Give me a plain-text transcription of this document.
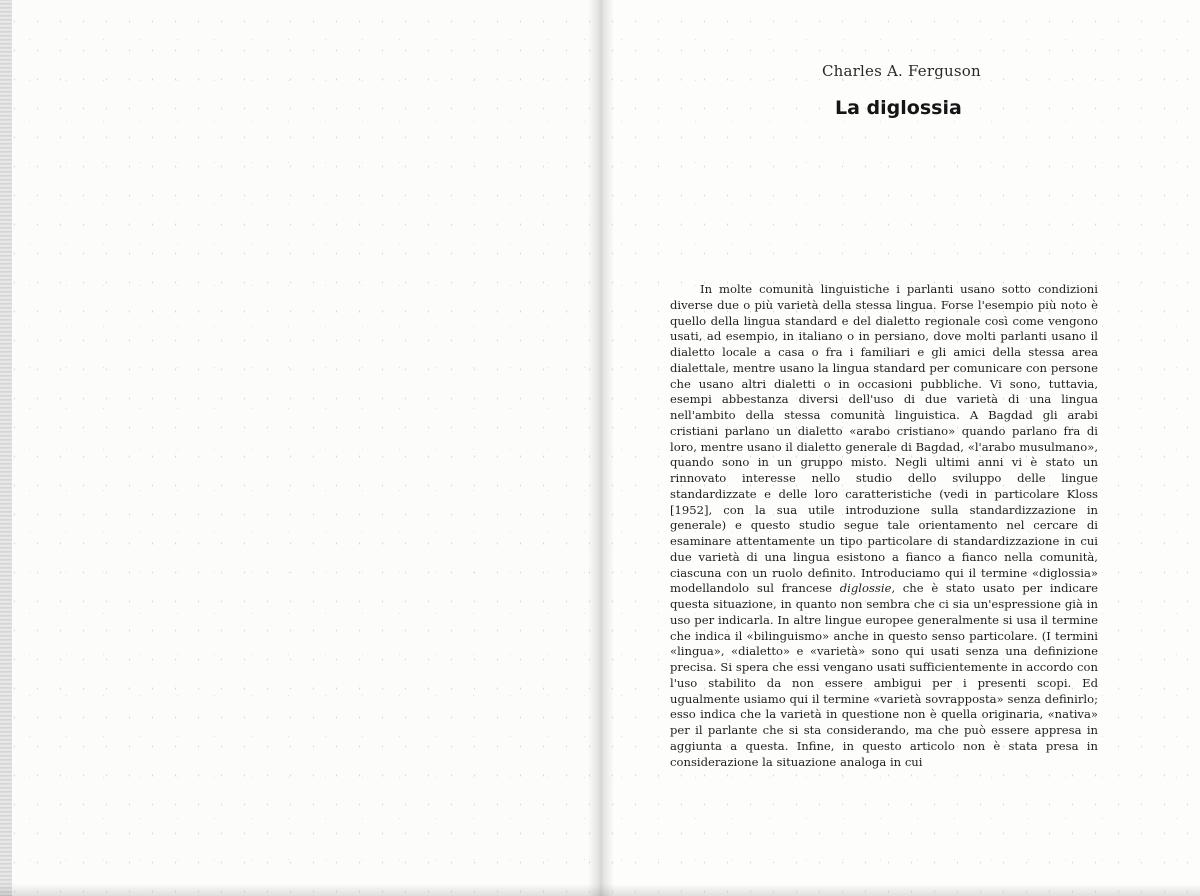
Charles A. Ferguson

La diglossia

In molte comunità linguistiche i parlanti usano sotto condizioni diverse due o più varietà della stessa lingua. Forse l'esempio più noto è quello della lingua standard e del dialetto regionale così come vengono usati, ad esempio, in italiano o in persiano, dove molti parlanti usano il dialetto locale a casa o fra i familiari e gli amici della stessa area dialettale, mentre usano la lingua standard per comunicare con persone che usano altri dialetti o in occasioni pubbliche. Vi sono, tuttavia, esempi abbestanza diversi dell'uso di due varietà di una lingua nell'ambito della stessa comunità linguistica. A Bagdad gli arabi cristiani parlano un dialetto «arabo cristiano» quando parlano fra di loro, mentre usano il dialetto generale di Bagdad, «l'arabo musulmano», quando sono in un gruppo misto. Negli ultimi anni vi è stato un rinnovato interesse nello studio dello sviluppo delle lingue standardizzate e delle loro caratteristiche (vedi in particolare Kloss [1952], con la sua utile introduzione sulla standardizzazione in generale) e questo studio segue tale orientamento nel cercare di esaminare attentamente un tipo particolare di standardizzazione in cui due varietà di una lingua esistono a fianco a fianco nella comunità, ciascuna con un ruolo definito. Introduciamo qui il termine «diglossia» modellandolo sul francese diglossie, che è stato usato per indicare questa situazione, in quanto non sembra che ci sia un'espressione già in uso per indicarla. In altre lingue europee generalmente si usa il termine che indica il «bilinguismo» anche in questo senso particolare. (I termini «lingua», «dialetto» e «varietà» sono qui usati senza una definizione precisa. Si spera che essi vengano usati sufficientemente in accordo con l'uso stabilito da non essere ambigui per i presenti scopi. Ed ugualmente usiamo qui il termine «varietà sovrapposta» senza definirlo; esso indica che la varietà in questione non è quella originaria, «nativa» per il parlante che si sta considerando, ma che può essere appresa in aggiunta a questa. Infine, in questo articolo non è stata presa in considerazione la situazione analoga in cui
